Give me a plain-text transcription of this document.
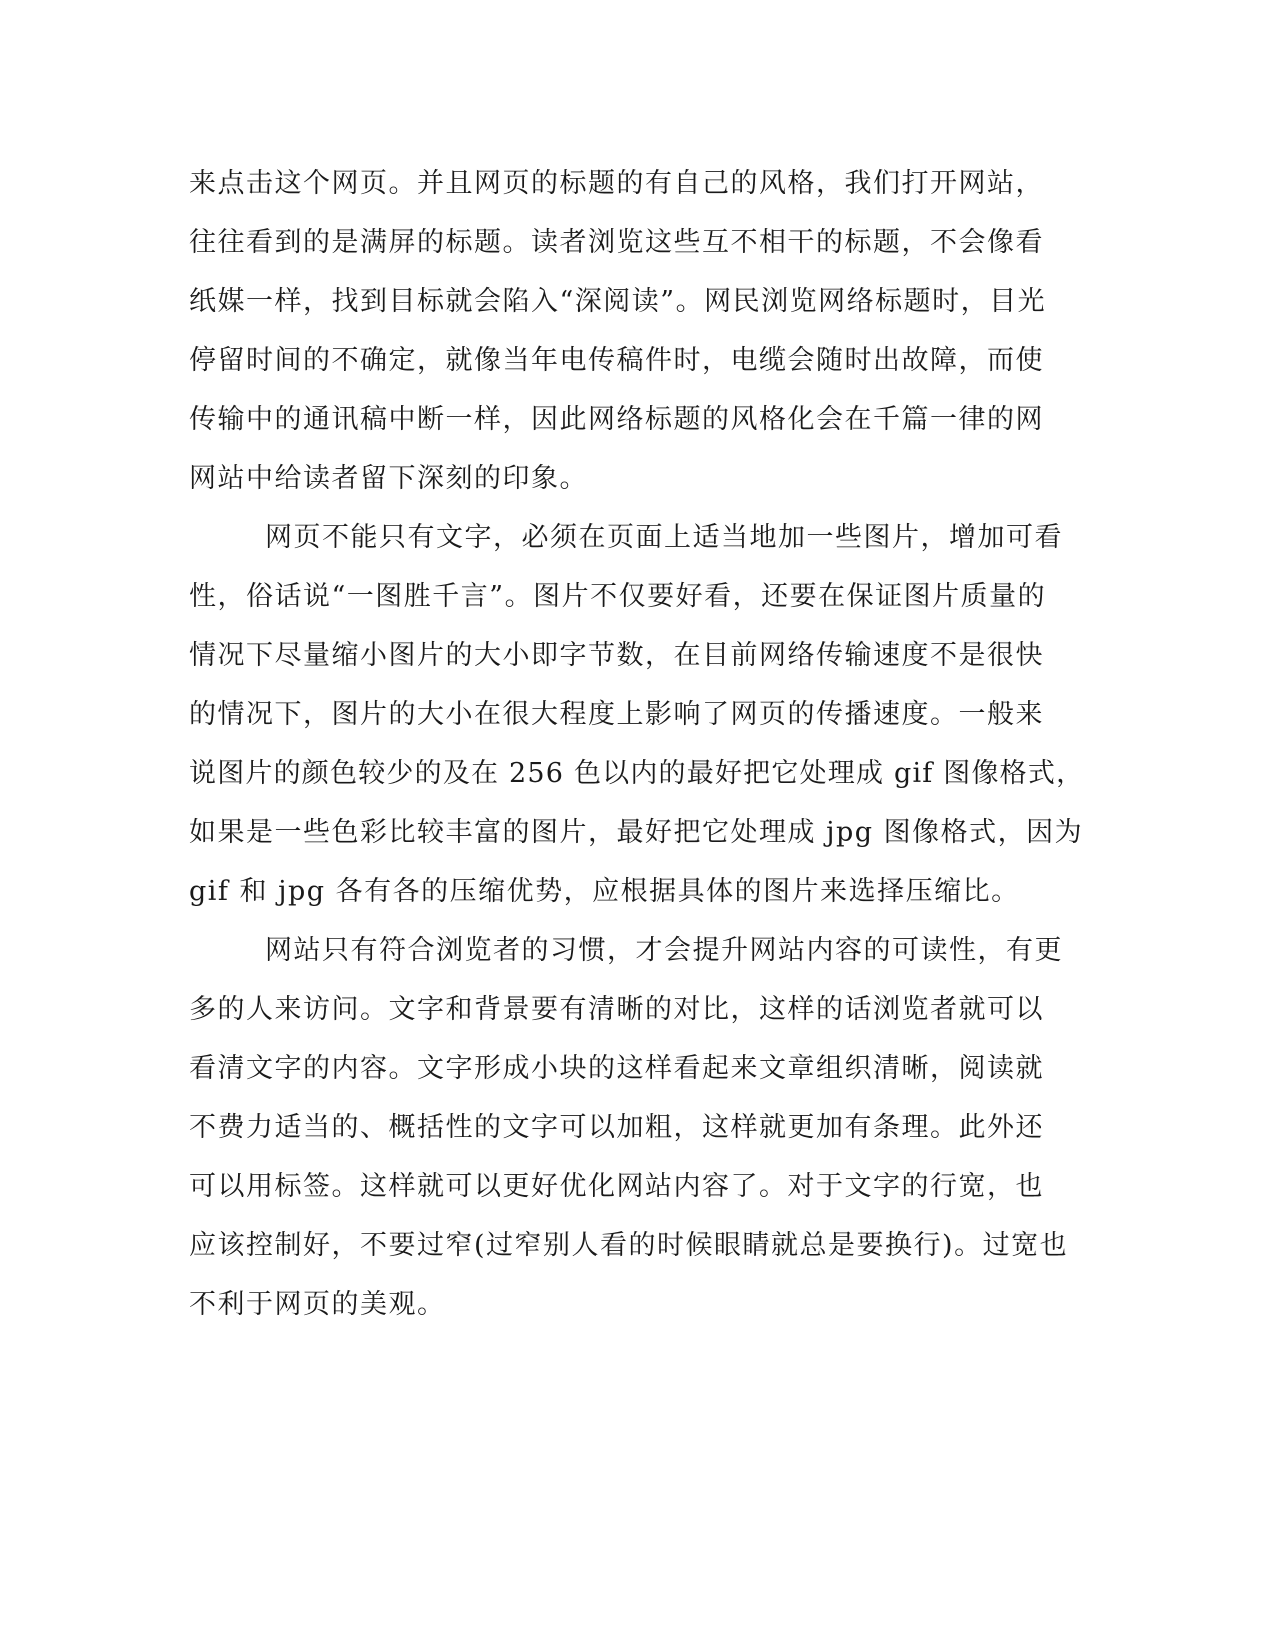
来点击这个网页。并且网页的标题的有自己的风格，我们打开网站，
往往看到的是满屏的标题。读者浏览这些互不相干的标题，不会像看
纸媒一样，找到目标就会陷入“深阅读”。网民浏览网络标题时，目光
停留时间的不确定，就像当年电传稿件时，电缆会随时出故障，而使
传输中的通讯稿中断一样，因此网络标题的风格化会在千篇一律的网
网站中给读者留下深刻的印象。
网页不能只有文字，必须在页面上适当地加一些图片，增加可看
性，俗话说“一图胜千言”。图片不仅要好看，还要在保证图片质量的
情况下尽量缩小图片的大小即字节数，在目前网络传输速度不是很快
的情况下，图片的大小在很大程度上影响了网页的传播速度。一般来
说图片的颜色较少的及在 256 色以内的最好把它处理成 gif 图像格式，
如果是一些色彩比较丰富的图片，最好把它处理成 jpg 图像格式，因为
gif 和 jpg 各有各的压缩优势，应根据具体的图片来选择压缩比。
网站只有符合浏览者的习惯，才会提升网站内容的可读性，有更
多的人来访问。文字和背景要有清晰的对比，这样的话浏览者就可以
看清文字的内容。文字形成小块的这样看起来文章组织清晰，阅读就
不费力适当的、概括性的文字可以加粗，这样就更加有条理。此外还
可以用标签。这样就可以更好优化网站内容了。对于文字的行宽，也
应该控制好，不要过窄(过窄别人看的时候眼睛就总是要换行)。过宽也
不利于网页的美观。
